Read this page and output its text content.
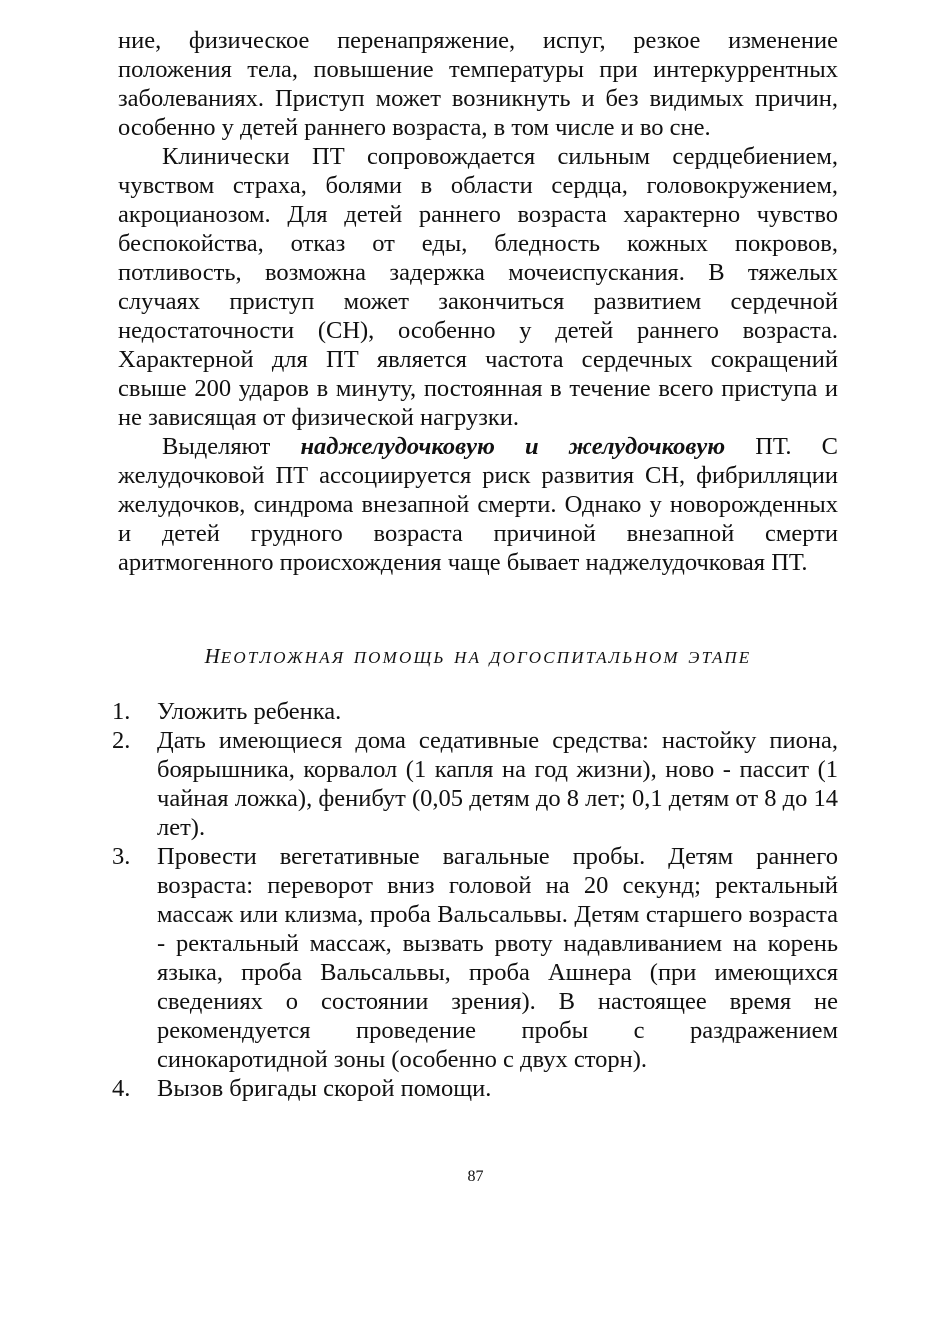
ние, физическое перенапряжение, испуг, резкое изменение положения тела, повышение температуры при интеркуррентных заболеваниях. Приступ может возникнуть и без видимых причин, особенно у детей раннего возраста, в том числе и во сне.

Клинически ПТ сопровождается сильным сердцебиением, чувством страха, болями в области сердца, головокружением, акроцианозом. Для детей раннего возраста характерно чувство беспокойства, отказ от еды, бледность кожных покровов, потливость, возможна задержка мочеиспускания. В тяжелых случаях приступ может закончиться развитием сердечной недостаточности (СН), особенно у детей раннего возраста. Характерной для ПТ является частота сердечных сокращений свыше 200 ударов в минуту, постоянная в течение всего приступа и не зависящая от физической нагрузки.

Выделяют наджелудочковую и желудочковую ПТ. С желудочковой ПТ ассоциируется риск развития СН, фибрилляции желудочков, синдрома внезапной смерти. Однако у новорожденных и детей грудного возраста причиной внезапной смерти аритмогенного происхождения чаще бывает наджелудочковая ПТ.

НЕОТЛОЖНАЯ ПОМОЩЬ НА ДОГОСПИТАЛЬНОМ ЭТАПЕ
1.	Уложить ребенка.
2.	Дать имеющиеся дома седативные средства: настойку пиона, боярышника, корвалол (1 капля на год жизни), ново - пассит (1 чайная ложка), фенибут (0,05 детям до 8 лет; 0,1 детям от 8 до 14 лет).
3.	Провести вегетативные вагальные пробы. Детям раннего возраста: переворот вниз головой на 20 секунд; ректальный массаж или клизма, проба Вальсальвы. Детям старшего возраста - ректальный массаж, вызвать рвоту надавливанием на корень языка, проба Вальсальвы, проба Ашнера (при имеющихся сведениях о состоянии зрения). В настоящее время не рекомендуется проведение пробы с раздражением синокаротидной зоны (особенно с двух сторн).
4.	Вызов бригады скорой помощи.
87
